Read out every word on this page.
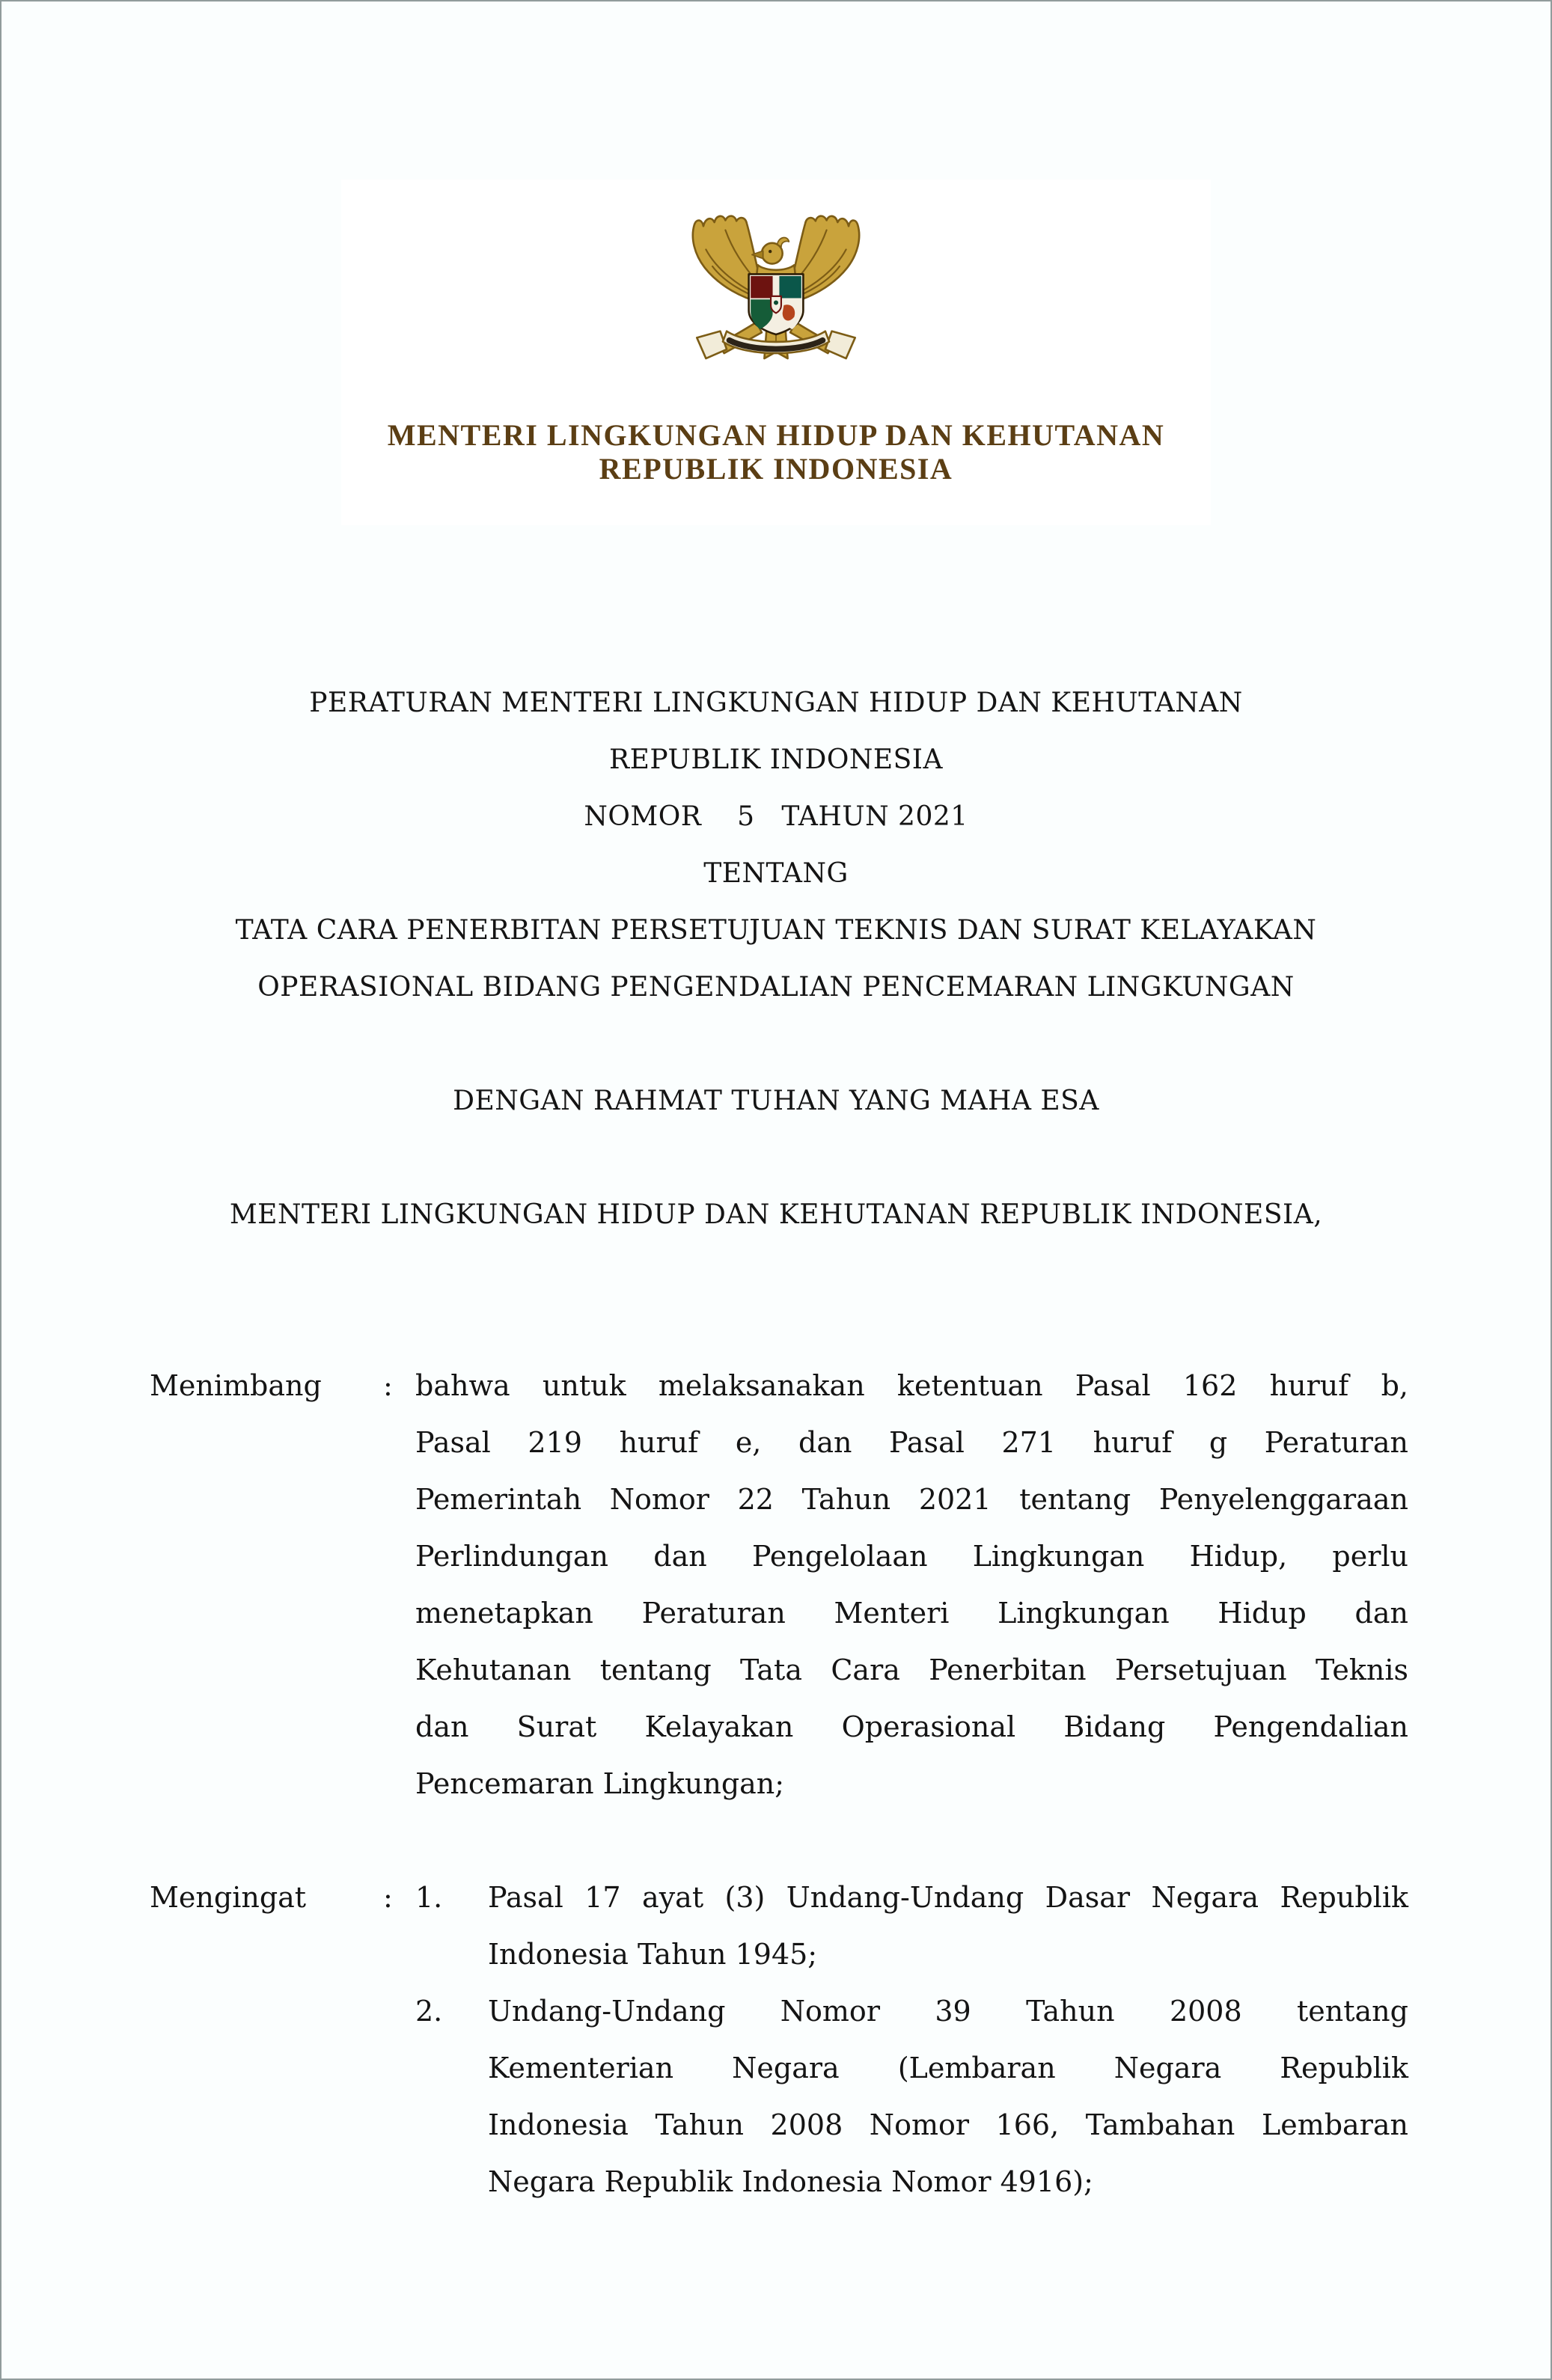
MENTERI LINGKUNGAN HIDUP DAN KEHUTANAN
REPUBLIK INDONESIA
PERATURAN MENTERI LINGKUNGAN HIDUP DAN KEHUTANAN
REPUBLIK INDONESIA
NOMOR    5   TAHUN 2021
TENTANG
TATA CARA PENERBITAN PERSETUJUAN TEKNIS DAN SURAT KELAYAKAN
OPERASIONAL BIDANG PENGENDALIAN PENCEMARAN LINGKUNGAN
DENGAN RAHMAT TUHAN YANG MAHA ESA
MENTERI LINGKUNGAN HIDUP DAN KEHUTANAN REPUBLIK INDONESIA,
Menimbang	: bahwa untuk melaksanakan ketentuan Pasal 162 huruf b,
Pasal 219 huruf e, dan Pasal 271 huruf g Peraturan
Pemerintah Nomor 22 Tahun 2021 tentang Penyelenggaraan
Perlindungan dan Pengelolaan Lingkungan Hidup, perlu
menetapkan Peraturan Menteri Lingkungan Hidup dan
Kehutanan tentang Tata Cara Penerbitan Persetujuan Teknis
dan Surat Kelayakan Operasional Bidang Pengendalian
Pencemaran Lingkungan;
Mengingat	: 1.	Pasal 17 ayat (3) Undang-Undang Dasar Negara Republik
Indonesia Tahun 1945;
2.	Undang-Undang Nomor 39 Tahun 2008 tentang
Kementerian Negara (Lembaran Negara Republik
Indonesia Tahun 2008 Nomor 166, Tambahan Lembaran
Negara Republik Indonesia Nomor 4916);
